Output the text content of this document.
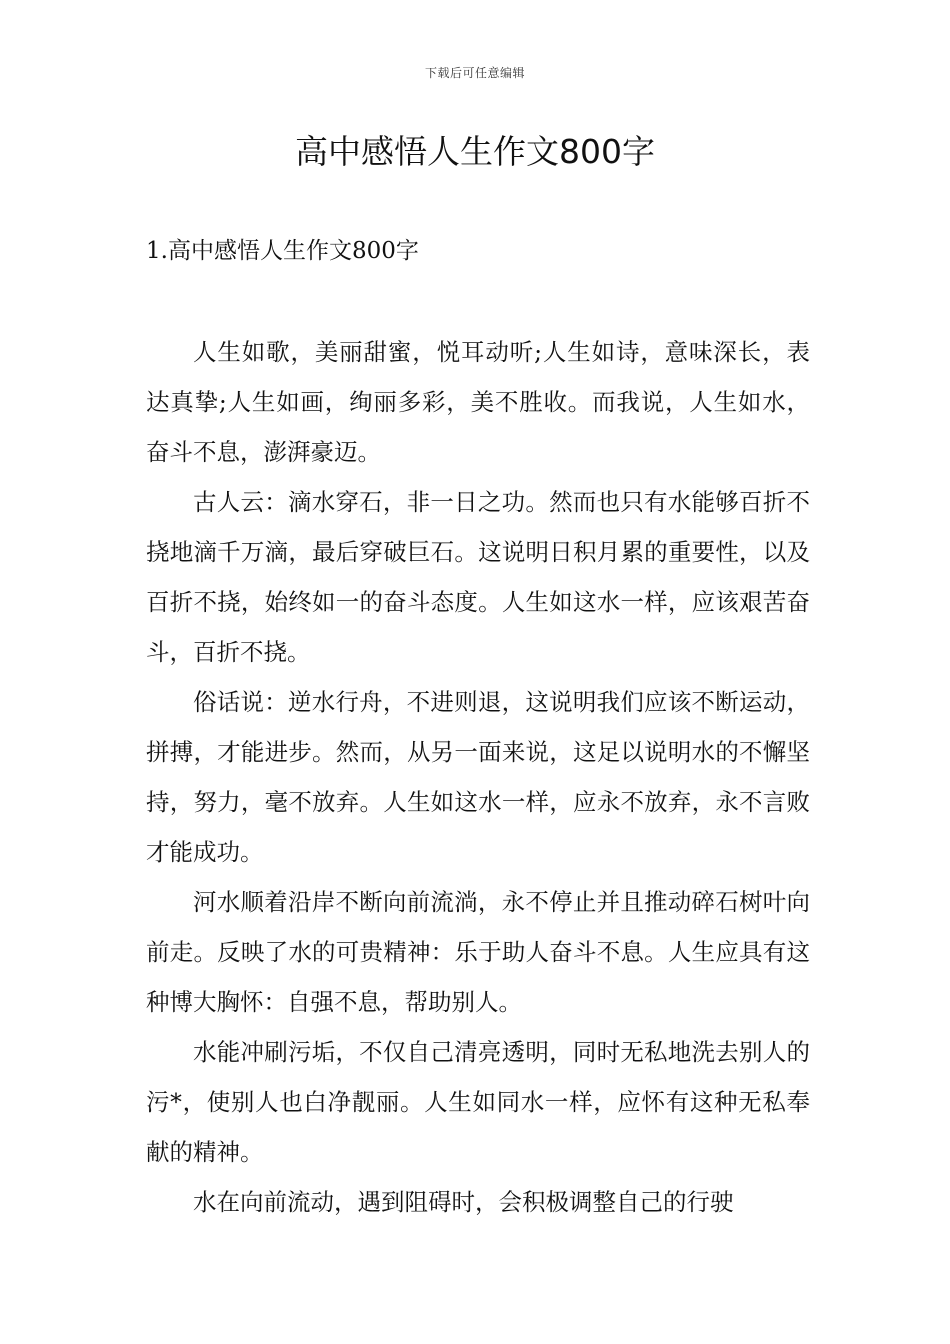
下载后可任意编辑
高中感悟人生作文800字
1.高中感悟人生作文800字

人生如歌，美丽甜蜜，悦耳动听;人生如诗，意味深长，表达真挚;人生如画，绚丽多彩，美不胜收。而我说，人生如水，奋斗不息，澎湃豪迈。

古人云：滴水穿石，非一日之功。然而也只有水能够百折不挠地滴千万滴，最后穿破巨石。这说明日积月累的重要性，以及百折不挠，始终如一的奋斗态度。人生如这水一样，应该艰苦奋斗，百折不挠。

俗话说：逆水行舟，不进则退，这说明我们应该不断运动，拼搏，才能进步。然而，从另一面来说，这足以说明水的不懈坚持，努力，毫不放弃。人生如这水一样，应永不放弃，永不言败才能成功。

河水顺着沿岸不断向前流淌，永不停止并且推动碎石树叶向前走。反映了水的可贵精神：乐于助人奋斗不息。人生应具有这种博大胸怀：自强不息，帮助别人。

水能冲刷污垢，不仅自己清亮透明，同时无私地洗去别人的污*，使别人也白净靓丽。人生如同水一样，应怀有这种无私奉献的精神。

水在向前流动，遇到阻碍时，会积极调整自己的行驶
